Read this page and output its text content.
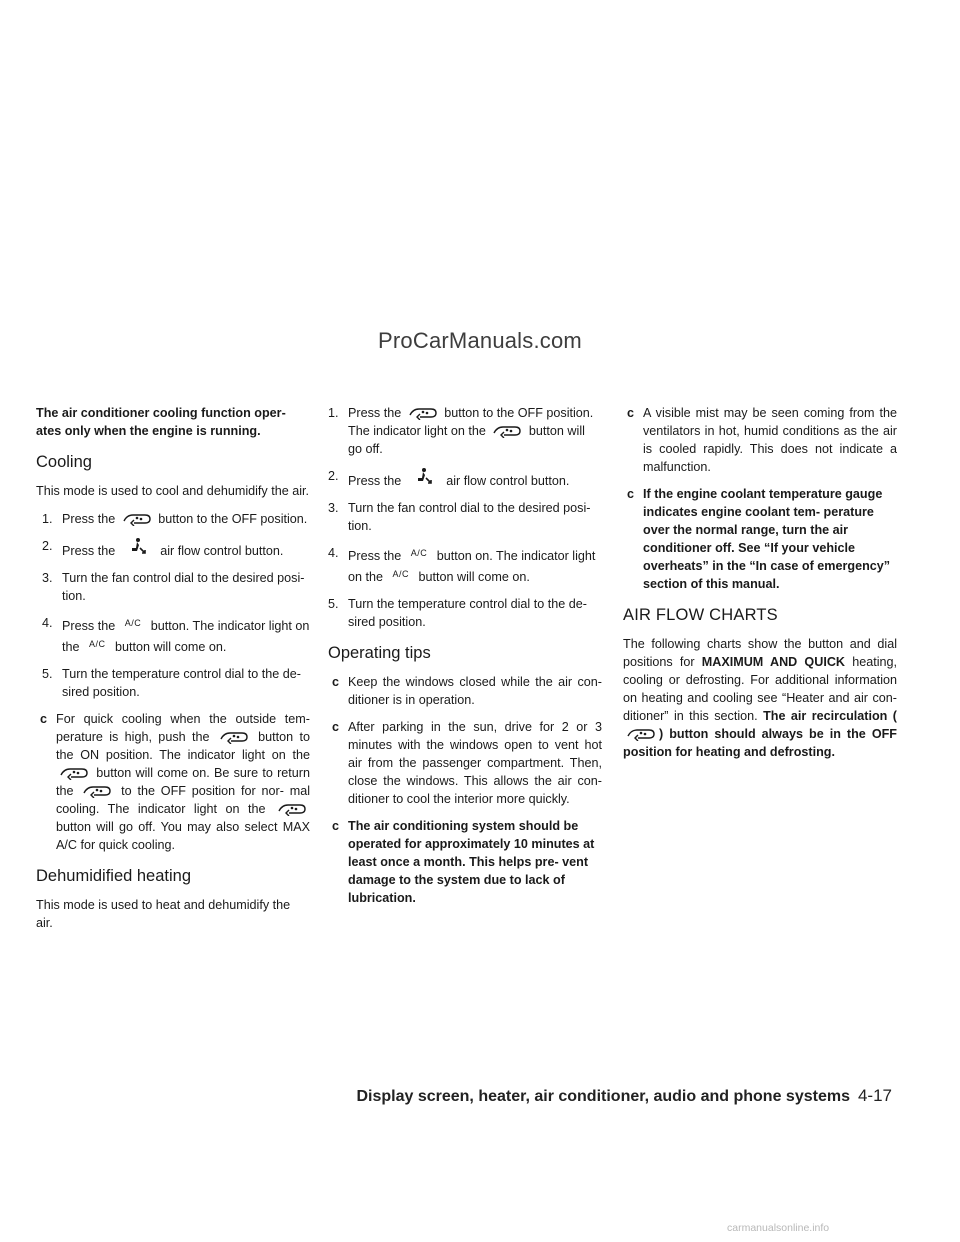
ProCarManuals.com

The air conditioner cooling function oper- ates only when the engine is running.

Cooling

This mode is used to cool and dehumidify the air.

1. Press the	button to the OFF position.
2. Press the	air flow control button.
3. Turn the fan control dial to the desired posi- tion.
4. Press the $^{A/C}$ button. The indicator light on the $^{A/C}$ button will come on.
5. Turn the temperature control dial to the de- sired position.
c For quick cooling when the outside tem- perature is high, push the	button to the ON position. The indicator light on the  button will come on. Be sure to return the	to the OFF position for nor- mal cooling. The indicator light on the  button will go off. You may also select MAX A/C for quick cooling.
Dehumidified heating

This mode is used to heat and dehumidify the air.

1. Press the	button to the OFF position. The indicator light on the	button will go off.
2. Press the	air flow control button.
3. Turn the fan control dial to the desired posi- tion.
4. Press the $^{A/C}$ button on. The indicator light on the $^{A/C}$ button will come on.
5. Turn the temperature control dial to the de- sired position.
Operating tips
c Keep the windows closed while the air con- ditioner is in operation.
c After parking in the sun, drive for 2 or 3 minutes with the windows open to vent hot air from the passenger compartment. Then, close the windows. This allows the air con- ditioner to cool the interior more quickly.
c The air conditioning system should be operated for approximately 10 minutes at least once a month. This helps pre- vent damage to the system due to lack of lubrication.
c A visible mist may be seen coming from the ventilators in hot, humid conditions as the air is cooled rapidly. This does not indicate a malfunction.
c If the engine coolant temperature gauge indicates engine coolant tem- perature over the normal range, turn the air conditioner off. See “If your vehicle overheats” in the “In case of emergency” section of this manual.
AIR FLOW CHARTS

The following charts show the button and dial positions for MAXIMUM AND QUICK heating, cooling or defrosting. For additional information on heating and cooling see “Heater and air con- ditioner” in this section. The air recirculation () button should always be in the OFF position for heating and defrosting.

Display screen, heater, air conditioner, audio and phone systems 4-17
carmanualsonline.info
